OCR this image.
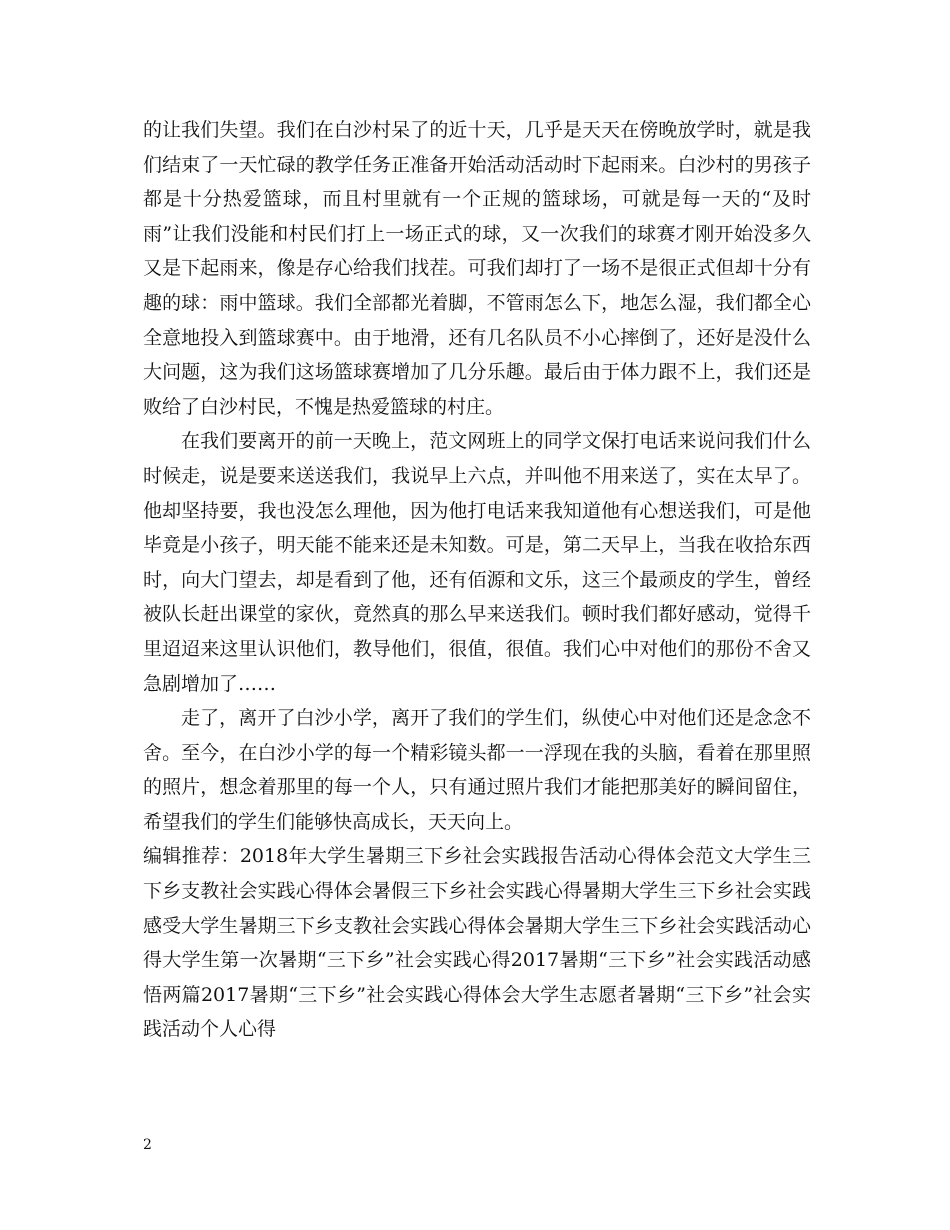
的让我们失望。我们在白沙村呆了的近十天，几乎是天天在傍晚放学时，就是我们结束了一天忙碌的教学任务正准备开始活动活动时下起雨来。白沙村的男孩子都是十分热爱篮球，而且村里就有一个正规的篮球场，可就是每一天的“及时雨”让我们没能和村民们打上一场正式的球，又一次我们的球赛才刚开始没多久又是下起雨来，像是存心给我们找茬。可我们却打了一场不是很正式但却十分有趣的球：雨中篮球。我们全部都光着脚，不管雨怎么下，地怎么湿，我们都全心全意地投入到篮球赛中。由于地滑，还有几名队员不小心摔倒了，还好是没什么大问题，这为我们这场篮球赛增加了几分乐趣。最后由于体力跟不上，我们还是败给了白沙村民，不愧是热爱篮球的村庄。

在我们要离开的前一天晚上，范文网班上的同学文保打电话来说问我们什么时候走，说是要来送送我们，我说早上六点，并叫他不用来送了，实在太早了。他却坚持要，我也没怎么理他，因为他打电话来我知道他有心想送我们，可是他毕竟是小孩子，明天能不能来还是未知数。可是，第二天早上，当我在收拾东西时，向大门望去，却是看到了他，还有佰源和文乐，这三个最顽皮的学生，曾经被队长赶出课堂的家伙，竟然真的那么早来送我们。顿时我们都好感动，觉得千里迢迢来这里认识他们，教导他们，很值，很值。我们心中对他们的那份不舍又急剧增加了……

走了，离开了白沙小学，离开了我们的学生们，纵使心中对他们还是念念不舍。至今，在白沙小学的每一个精彩镜头都一一浮现在我的头脑，看着在那里照的照片，想念着那里的每一个人，只有通过照片我们才能把那美好的瞬间留住，希望我们的学生们能够快高成长，天天向上。

编辑推荐：2018年大学生暑期三下乡社会实践报告活动心得体会范文大学生三下乡支教社会实践心得体会暑假三下乡社会实践心得暑期大学生三下乡社会实践感受大学生暑期三下乡支教社会实践心得体会暑期大学生三下乡社会实践活动心得大学生第一次暑期“三下乡”社会实践心得2017暑期“三下乡”社会实践活动感悟两篇2017暑期“三下乡”社会实践心得体会大学生志愿者暑期“三下乡”社会实践活动个人心得

2
